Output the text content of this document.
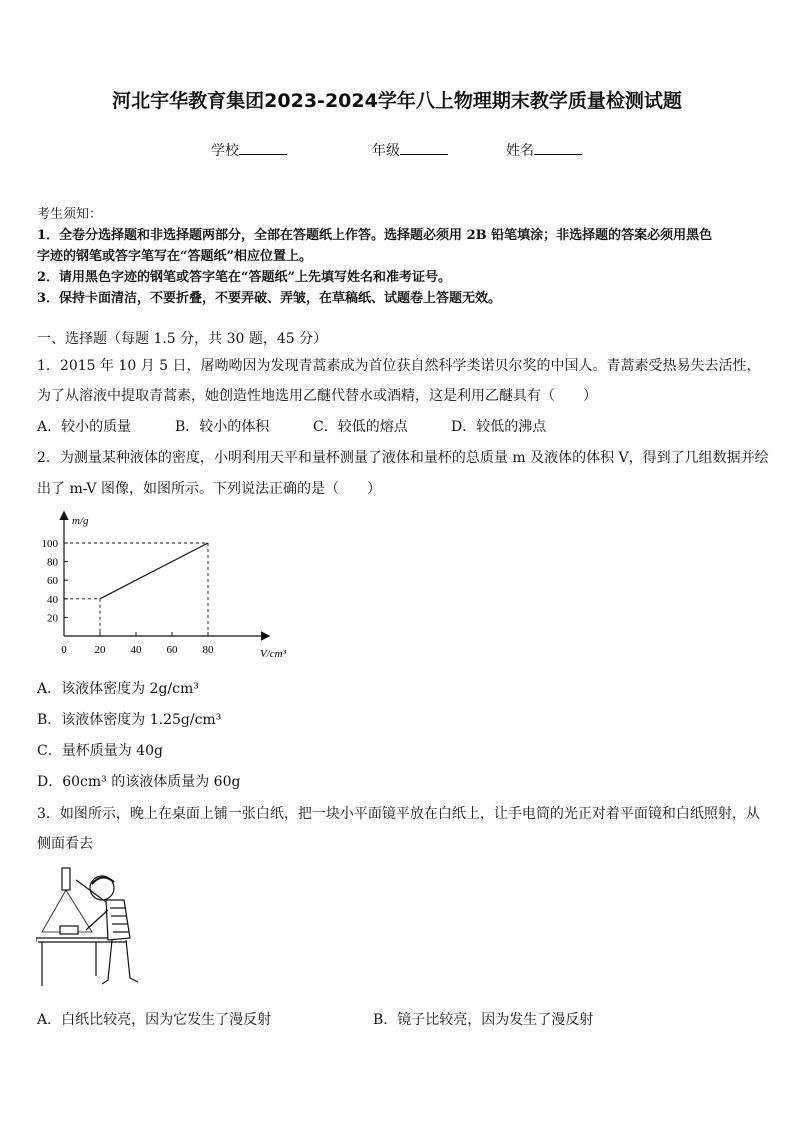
河北宇华教育集团2023-2024学年八上物理期末教学质量检测试题
学校	年级	姓名
考生须知：
1．全卷分选择题和非选择题两部分，全部在答题纸上作答。选择题必须用 2B 铅笔填涂；非选择题的答案必须用黑色
字迹的钢笔或答字笔写在“答题纸”相应位置上。
2．请用黑色字迹的钢笔或答字笔在“答题纸”上先填写姓名和准考证号。
3．保持卡面清洁，不要折叠，不要弄破、弄皱，在草稿纸、试题卷上答题无效。
一、选择题（每题 1.5 分，共 30 题，45 分）
1．2015 年 10 月 5 日，屠呦呦因为发现青蒿素成为首位获自然科学类诺贝尔奖的中国人。青蒿素受热易失去活性，
为了从溶液中提取青蒿素，她创造性地选用乙醚代替水或酒精，这是利用乙醚具有（　　）
A．较小的质量	B．较小的体积	C．较低的熔点	D．较低的沸点
2．为测量某种液体的密度，小明利用天平和量杯测量了液体和量杯的总质量 m 及液体的体积 V，得到了几组数据并绘
出了 m-V 图像，如图所示。下列说法正确的是（　　）
0	20 40 60 80
20
40
60
80
100
m/g
V/cm³
A．该液体密度为 2g/cm³
B．该液体密度为 1.25g/cm³
C．量杯质量为 40g
D．60cm³ 的该液体质量为 60g
3．如图所示，晚上在桌面上铺一张白纸，把一块小平面镜平放在白纸上，让手电筒的光正对着平面镜和白纸照射，从
侧面看去
A．白纸比较亮，因为它发生了漫反射	B．镜子比较亮，因为发生了漫反射
